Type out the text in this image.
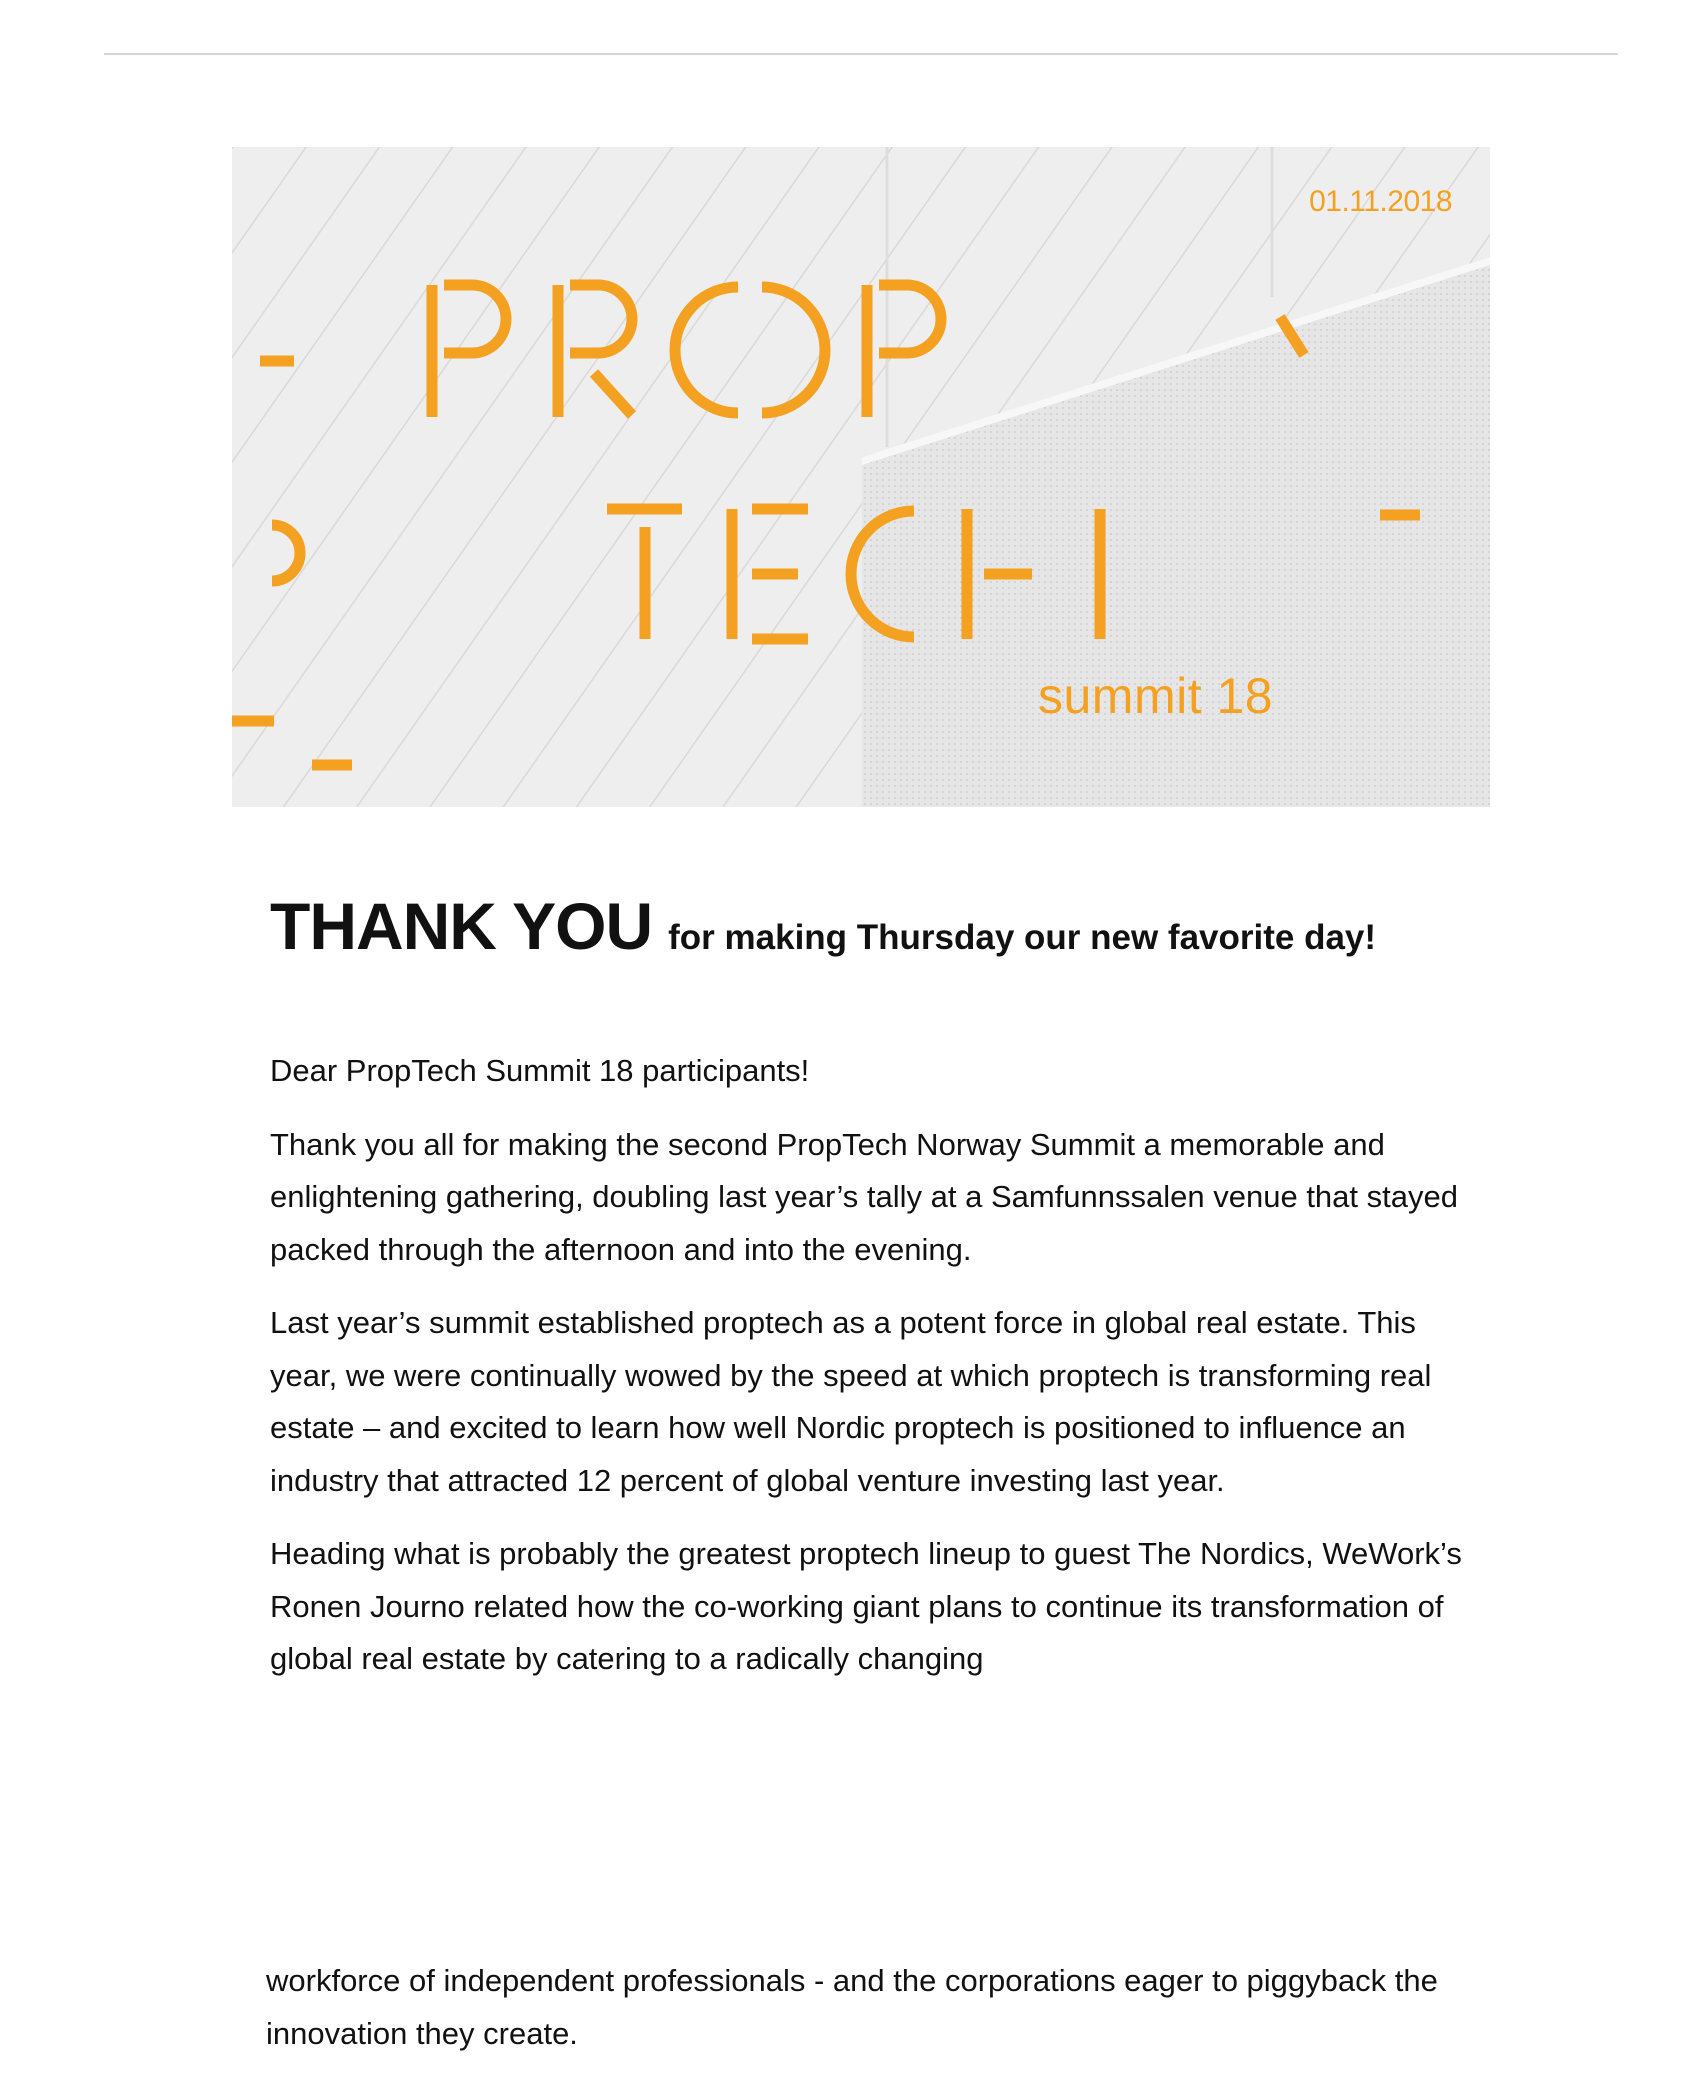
01.11.2018
summit 18
THANK YOU for making Thursday our new favorite day!

Dear PropTech Summit 18 participants!

Thank you all for making the second PropTech Norway Summit a memorable and enlightening gathering, doubling last year’s tally at a Samfunnssalen venue that stayed packed through the afternoon and into the evening.

Last year’s summit established proptech as a potent force in global real estate. This year, we were continually wowed by the speed at which proptech is transforming real estate – and excited to learn how well Nordic proptech is positioned to influence an industry that attracted 12 percent of global venture investing last year.

Heading what is probably the greatest proptech lineup to guest The Nordics, WeWork’s Ronen Journo related how the co-working giant plans to continue its transformation of global real estate by catering to a radically changing

workforce of independent professionals - and the corporations eager to piggyback the innovation they create.
